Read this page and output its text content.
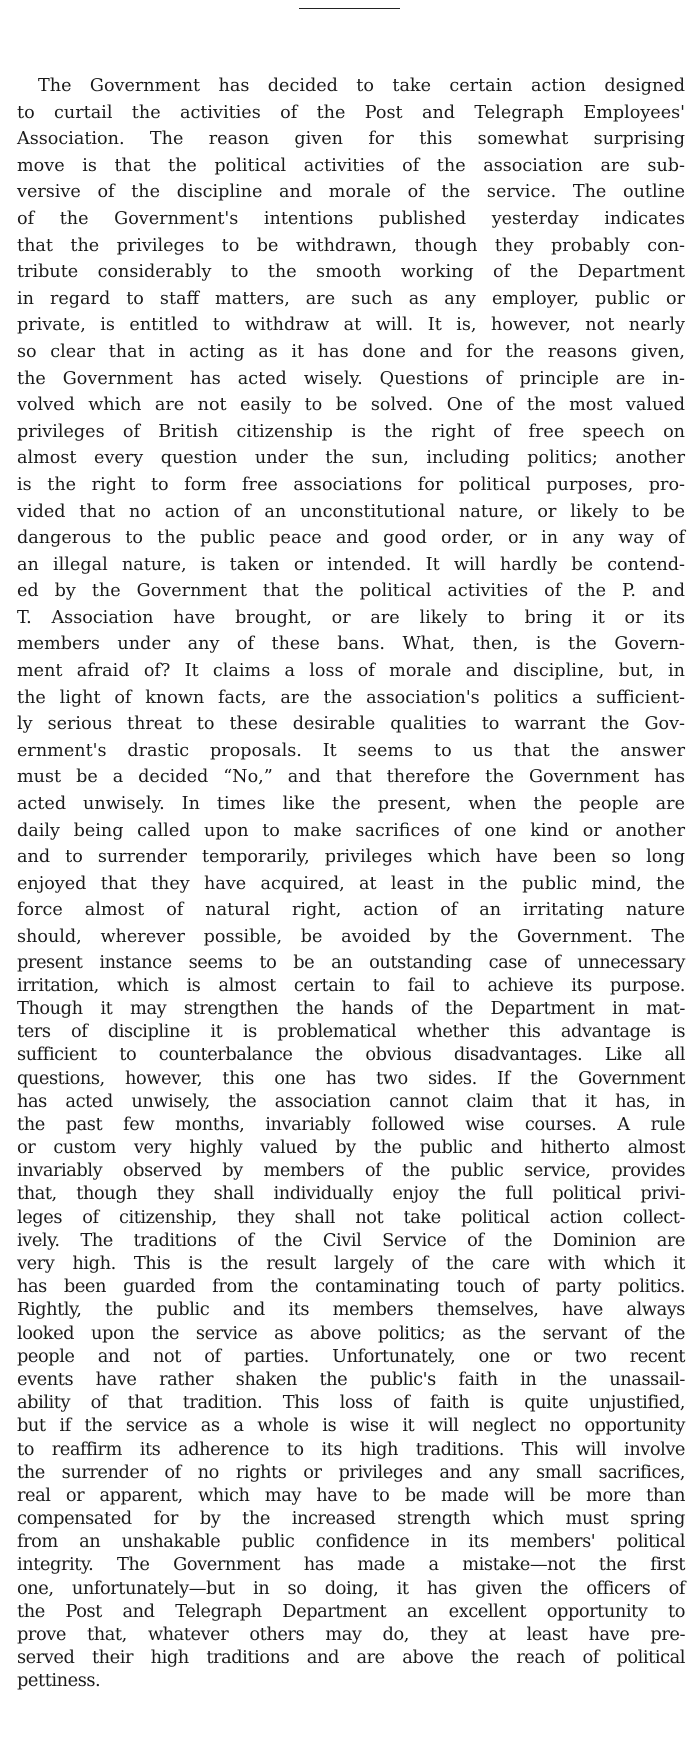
The Government has decided to take certain action designed
to curtail the activities of the Post and Telegraph Employees'
Association. The reason given for this somewhat surprising
move is that the political activities of the association are sub-
versive of the discipline and morale of the service. The outline
of the Government's intentions published yesterday indicates
that the privileges to be withdrawn, though they probably con-
tribute considerably to the smooth working of the Department
in regard to staff matters, are such as any employer, public or
private, is entitled to withdraw at will. It is, however, not nearly
so clear that in acting as it has done and for the reasons given,
the Government has acted wisely. Questions of principle are in-
volved which are not easily to be solved. One of the most valued
privileges of British citizenship is the right of free speech on
almost every question under the sun, including politics; another
is the right to form free associations for political purposes, pro-
vided that no action of an unconstitutional nature, or likely to be
dangerous to the public peace and good order, or in any way of
an illegal nature, is taken or intended. It will hardly be contend-
ed by the Government that the political activities of the P. and
T. Association have brought, or are likely to bring it or its
members under any of these bans. What, then, is the Govern-
ment afraid of? It claims a loss of morale and discipline, but, in
the light of known facts, are the association's politics a sufficient-
ly serious threat to these desirable qualities to warrant the Gov-
ernment's drastic proposals. It seems to us that the answer
must be a decided “No,” and that therefore the Government has
acted unwisely. In times like the present, when the people are
daily being called upon to make sacrifices of one kind or another
and to surrender temporarily, privileges which have been so long
enjoyed that they have acquired, at least in the public mind, the
force almost of natural right, action of an irritating nature
should, wherever possible, be avoided by the Government. The
present instance seems to be an outstanding case of unnecessary
irritation, which is almost certain to fail to achieve its purpose.
Though it may strengthen the hands of the Department in mat-
ters of discipline it is problematical whether this advantage is
sufficient to counterbalance the obvious disadvantages. Like all
questions, however, this one has two sides. If the Government
has acted unwisely, the association cannot claim that it has, in
the past few months, invariably followed wise courses. A rule
or custom very highly valued by the public and hitherto almost
invariably observed by members of the public service, provides
that, though they shall individually enjoy the full political privi-
leges of citizenship, they shall not take political action collect-
ively. The traditions of the Civil Service of the Dominion are
very high. This is the result largely of the care with which it
has been guarded from the contaminating touch of party politics.
Rightly, the public and its members themselves, have always
looked upon the service as above politics; as the servant of the
people and not of parties. Unfortunately, one or two recent
events have rather shaken the public's faith in the unassail-
ability of that tradition. This loss of faith is quite unjustified,
but if the service as a whole is wise it will neglect no opportunity
to reaffirm its adherence to its high traditions. This will involve
the surrender of no rights or privileges and any small sacrifices,
real or apparent, which may have to be made will be more than
compensated for by the increased strength which must spring
from an unshakable public confidence in its members' political
integrity. The Government has made a mistake—not the first
one, unfortunately—but in so doing, it has given the officers of
the Post and Telegraph Department an excellent opportunity to
prove that, whatever others may do, they at least have pre-
served their high traditions and are above the reach of political
pettiness.
